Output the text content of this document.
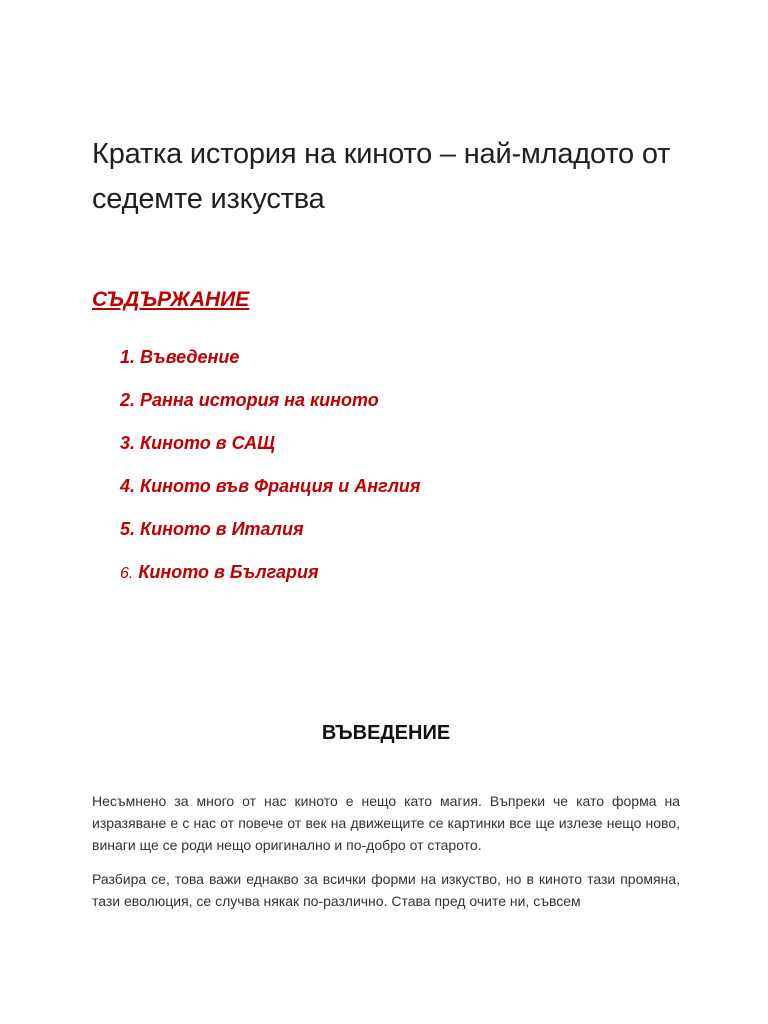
Кратка история на киното – най-младото от седемте изкуства
СЪДЪРЖАНИЕ
1. Въведение
2. Ранна история на киното
3. Киното в САЩ
4. Киното във Франция и Англия
5. Киното в Италия
6. Киното в България
ВЪВЕДЕНИЕ

Несъмнено за много от нас киното е нещо като магия. Въпреки че като форма на изразяване е с нас от повече от век на движещите се картинки все ще излезе нещо ново, винаги ще се роди нещо оригинално и по-добро от старото.

Разбира се, това важи еднакво за всички форми на изкуство, но в киното тази промяна, тази еволюция, се случва някак по-различно. Става пред очите ни, съвсем
